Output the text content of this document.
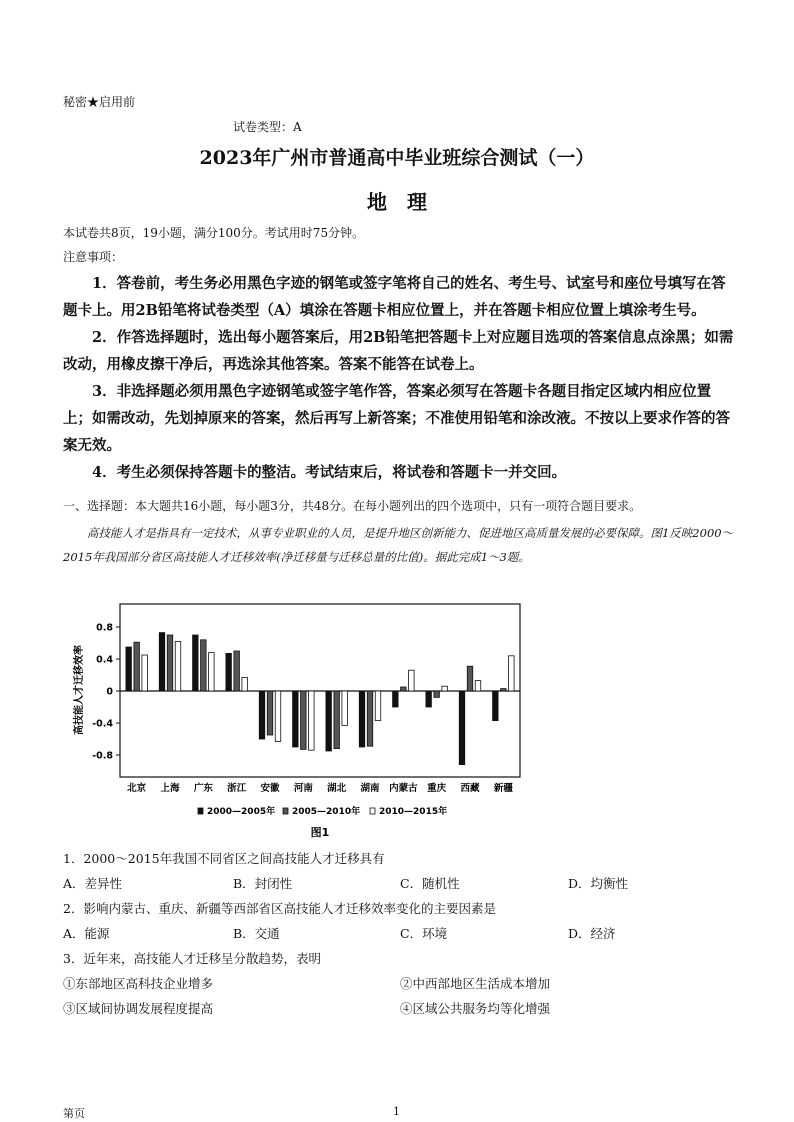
秘密★启用前
试卷类型：A
2023年广州市普通高中毕业班综合测试（一）
地理
本试卷共8页，19小题，满分100分。考试用时75分钟。
注意事项：

1．答卷前，考生务必用黑色字迹的钢笔或签字笔将自己的姓名、考生号、试室号和座位号填写在答题卡上。用2B铅笔将试卷类型（A）填涂在答题卡相应位置上，并在答题卡相应位置上填涂考生号。

2．作答选择题时，选出每小题答案后，用2B铅笔把答题卡上对应题目选项的答案信息点涂黑；如需改动，用橡皮擦干净后，再选涂其他答案。答案不能答在试卷上。

3．非选择题必须用黑色字迹钢笔或签字笔作答，答案必须写在答题卡各题目指定区域内相应位置上；如需改动，先划掉原来的答案，然后再写上新答案；不准使用铅笔和涂改液。不按以上要求作答的答案无效。

4．考生必须保持答题卡的整洁。考试结束后，将试卷和答题卡一并交回。

一、选择题：本大题共16小题，每小题3分，共48分。在每小题列出的四个选项中，只有一项符合题目要求。

高技能人才是指具有一定技术，从事专业职业的人员，是提升地区创新能力、促进地区高质量发展的必要保障。图1反映2000～2015年我国部分省区高技能人才迁移效率(净迁移量与迁移总量的比值)。据此完成1～3题。

0.8
0.4
0
-0.4
-0.8
北京 上海 广东 浙江 安徽 河南 湖北 湖南 内蒙古 重庆 西藏 新疆
高技能人才迁移效率
2000—2005年 2005—2010年 2010—2015年
图1
1．2000～2015年我国不同省区之间高技能人才迁移具有
A．差异性	B．封闭性	C．随机性	D．均衡性
2．影响内蒙古、重庆、新疆等西部省区高技能人才迁移效率变化的主要因素是
A．能源	B．交通	C．环境	D．经济
3．近年来，高技能人才迁移呈分散趋势，表明
①东部地区高科技企业增多	②中西部地区生活成本增加
③区域间协调发展程度提高	④区域公共服务均等化增强
第页	1
